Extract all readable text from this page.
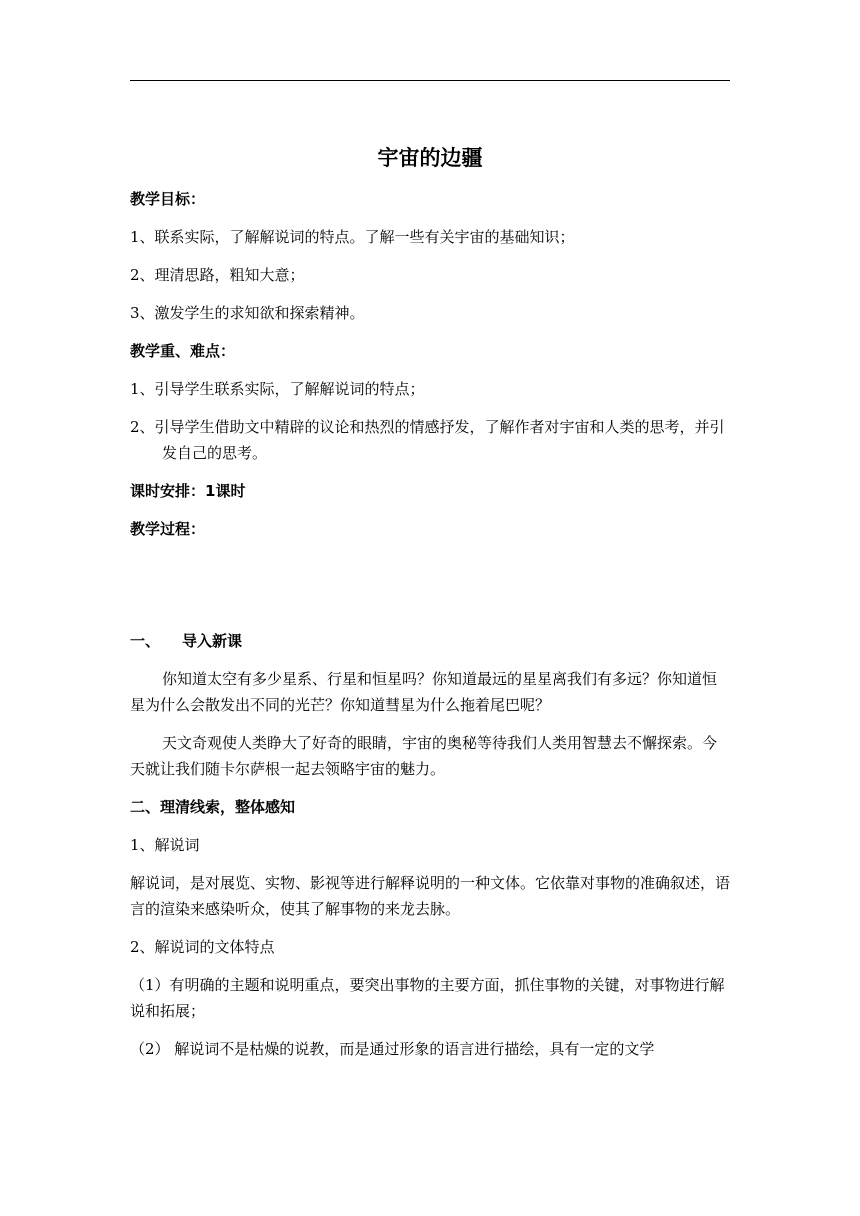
宇宙的边疆

教学目标：

1、联系实际，了解解说词的特点。了解一些有关宇宙的基础知识；

2、理清思路，粗知大意；

3、激发学生的求知欲和探索精神。

教学重、难点：

1、引导学生联系实际，了解解说词的特点；

2、引导学生借助文中精辟的议论和热烈的情感抒发，了解作者对宇宙和人类的思考，并引发自己的思考。

课时安排：1课时

教学过程：

一、 导入新课

你知道太空有多少星系、行星和恒星吗？你知道最远的星星离我们有多远？你知道恒星为什么会散发出不同的光芒？你知道彗星为什么拖着尾巴呢？

天文奇观使人类睁大了好奇的眼睛，宇宙的奥秘等待我们人类用智慧去不懈探索。今天就让我们随卡尔萨根一起去领略宇宙的魅力。

二、理清线索，整体感知

1、解说词

解说词，是对展览、实物、影视等进行解释说明的一种文体。它依靠对事物的准确叙述，语言的渲染来感染听众，使其了解事物的来龙去脉。

2、解说词的文体特点

（1）有明确的主题和说明重点，要突出事物的主要方面，抓住事物的关键，对事物进行解说和拓展；

（2） 解说词不是枯燥的说教，而是通过形象的语言进行描绘，具有一定的文学
